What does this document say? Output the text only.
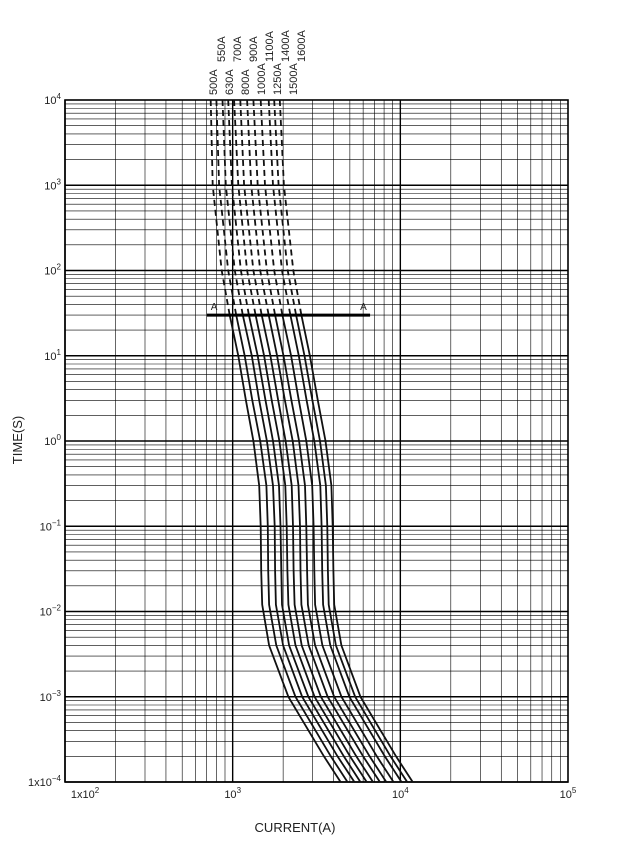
$1x10^{-4}$
$10^{-3}$
$10^{-2}$
$10^{-1}$
$10^0$
$10^1$
$10^2$
$10^3$
$10^4$
$1x10^2$	$10^3$	$10^4$	$10^5$
500A
550A
630A
700A
800A
900A
1000A
1100A
1250A
1400A
1500A
1600A
A	A
CURRENT(A)
TIME(S)
